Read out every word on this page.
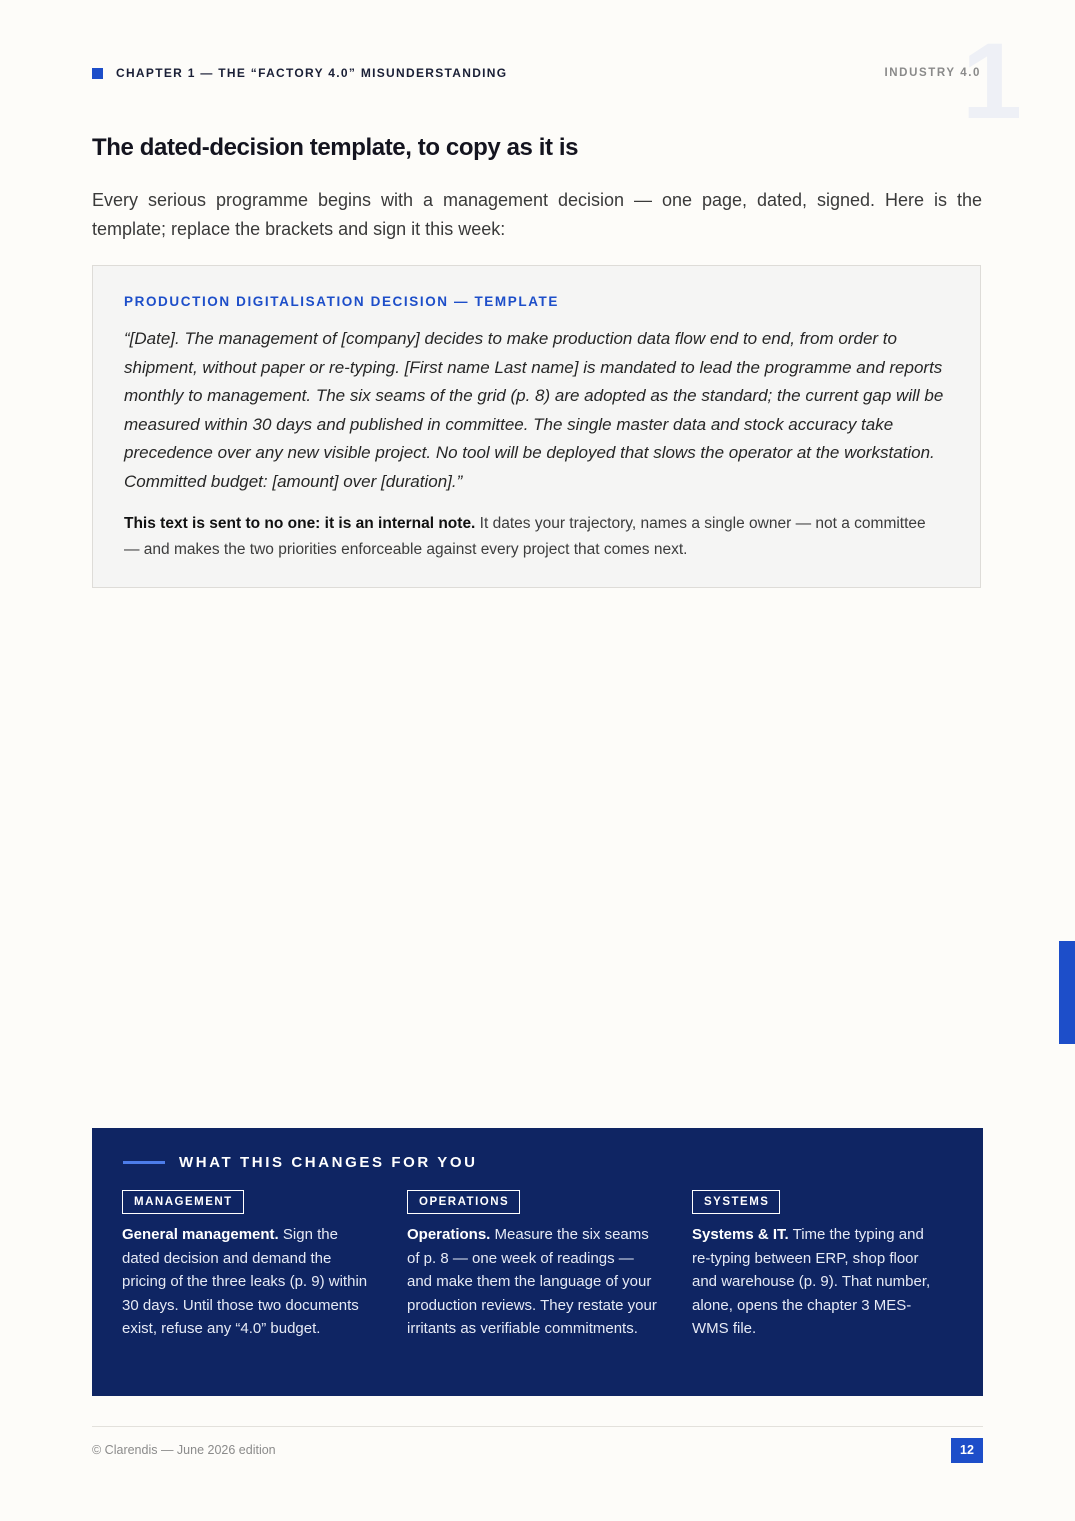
CHAPTER 1 — THE “FACTORY 4.0” MISUNDERSTANDING	INDUSTRY 4.0
1
The dated-decision template, to copy as it is
Every serious programme begins with a management decision — one page, dated, signed. Here is the template; replace the brackets and sign it this week:
PRODUCTION DIGITALISATION DECISION — TEMPLATE
“[Date]. The management of [company] decides to make production data flow end to end, from order to shipment, without paper or re-typing. [First name Last name] is mandated to lead the programme and reports monthly to management. The six seams of the grid (p. 8) are adopted as the standard; the current gap will be measured within 30 days and published in committee. The single master data and stock accuracy take precedence over any new visible project. No tool will be deployed that slows the operator at the workstation. Committed budget: [amount] over [duration].”
This text is sent to no one: it is an internal note. It dates your trajectory, names a single owner — not a committee — and makes the two priorities enforceable against every project that comes next.
WHAT THIS CHANGES FOR YOU
MANAGEMENT
General management. Sign the dated decision and demand the pricing of the three leaks (p. 9) within 30 days. Until those two documents exist, refuse any “4.0” budget.
OPERATIONS
Operations. Measure the six seams of p. 8 — one week of readings — and make them the language of your production reviews. They restate your irritants as verifiable commitments.
SYSTEMS
Systems & IT. Time the typing and re-typing between ERP, shop floor and warehouse (p. 9). That number, alone, opens the chapter 3 MES-WMS file.
© Clarendis — June 2026 edition	12
